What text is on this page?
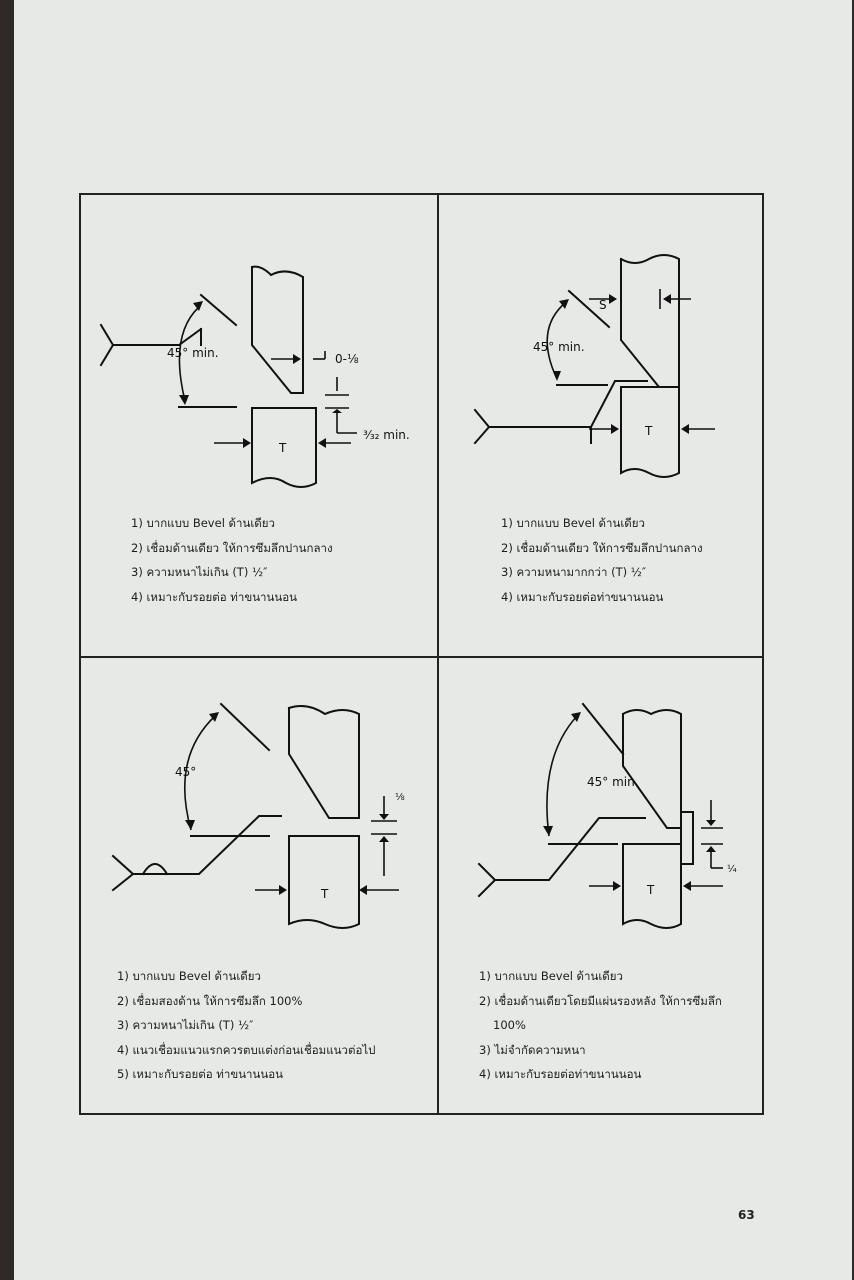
45° min.	0-⅛
³⁄₃₂ min.
T
1) บากแบบ Bevel ด้านเดียว
2) เชื่อมด้านเดียว ให้การซึมลึกปานกลาง
3) ความหนาไม่เกิน (T) ½″
4) เหมาะกับรอยต่อ ท่าขนานนอน
S
45° min.
T
1) บากแบบ Bevel ด้านเดียว
2) เชื่อมด้านเดียว ให้การซึมลึกปานกลาง
3) ความหนามากกว่า (T) ½″
4) เหมาะกับรอยต่อท่าขนานนอน
45°
⅛
T
1) บากแบบ Bevel ด้านเดียว
2) เชื่อมสองด้าน ให้การซึมลึก 100%
3) ความหนาไม่เกิน (T) ½″
4) แนวเชื่อมแนวแรกควรตบแต่งก่อนเชื่อมแนวต่อไป
5) เหมาะกับรอยต่อ ท่าขนานนอน
45° min.
¼
T
1) บากแบบ Bevel ด้านเดียว
2) เชื่อมด้านเดียวโดยมีแผ่นรองหลัง ให้การซึมลึก
100%
3) ไม่จำกัดความหนา
4) เหมาะกับรอยต่อท่าขนานนอน
63
